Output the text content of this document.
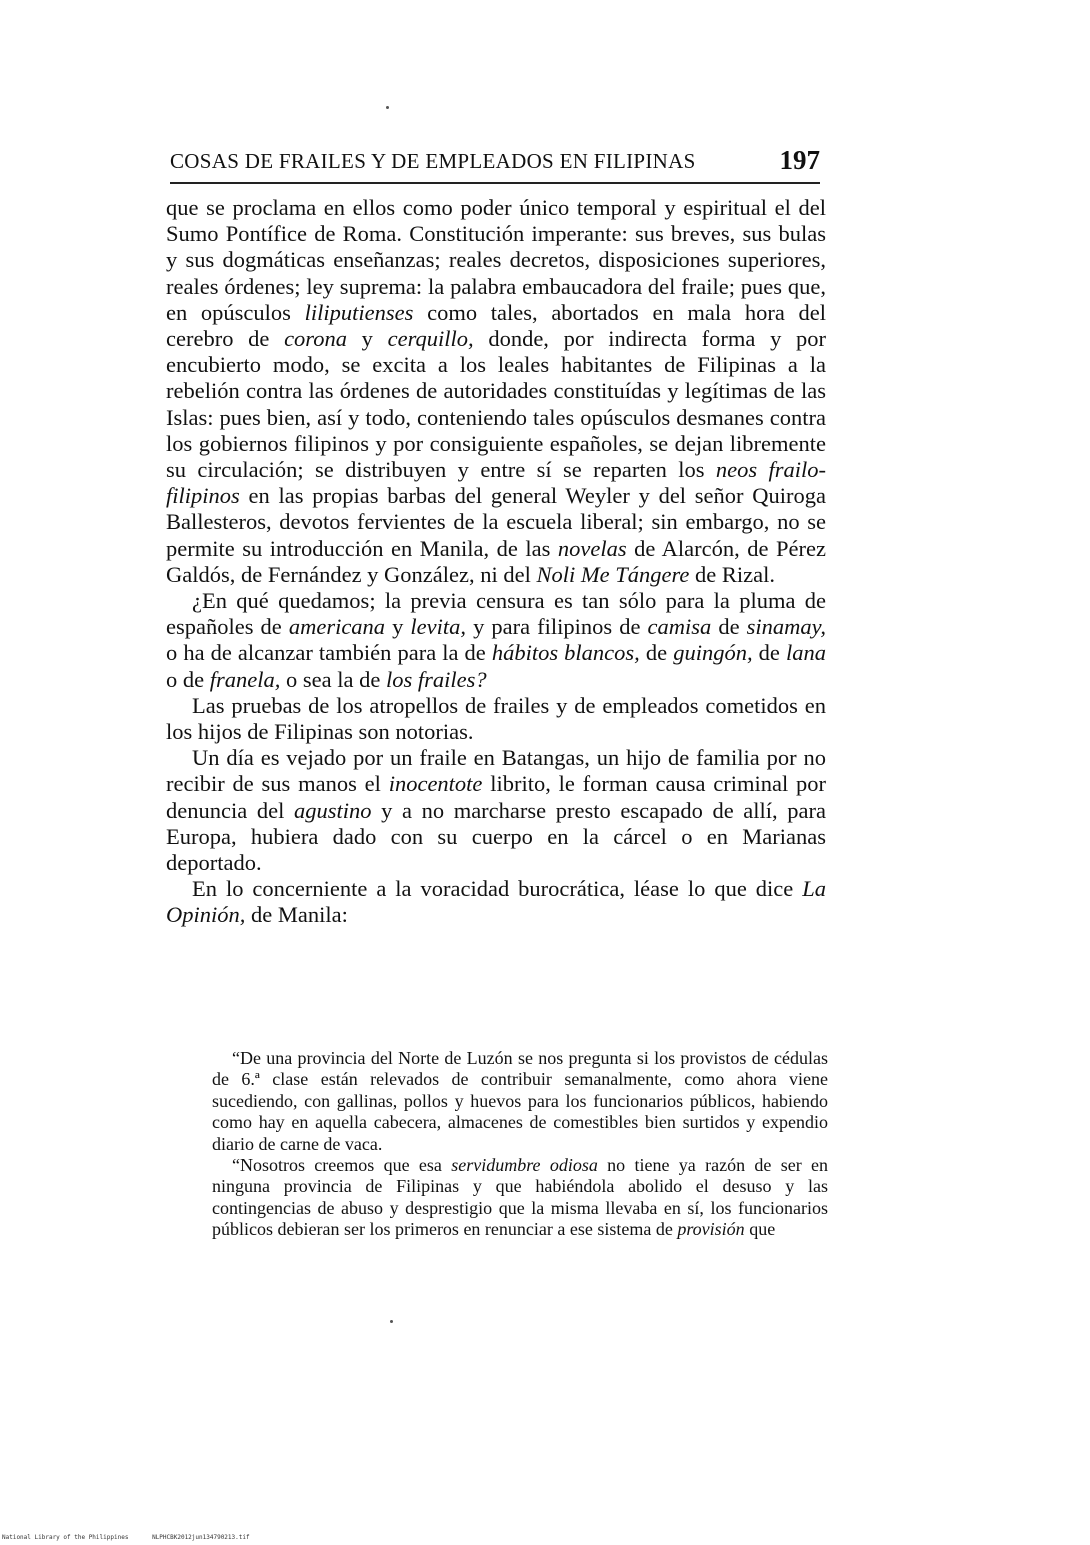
COSAS DE FRAILES Y DE EMPLEADOS EN FILIPINAS	197

que se proclama en ellos como poder único temporal y espiritual el del Sumo Pontífice de Roma. Constitución imperante: sus breves, sus bulas y sus dogmáticas enseñanzas; reales decretos, disposiciones superiores, reales órdenes; ley suprema: la palabra embaucadora del fraile; pues que, en opúsculos liliputienses como tales, abortados en mala hora del cerebro de corona y cerquillo, donde, por indirecta forma y por encubierto modo, se excita a los leales habitantes de Filipinas a la rebelión contra las órdenes de autoridades constituídas y legítimas de las Islas: pues bien, así y todo, conteniendo tales opúsculos desmanes contra los gobiernos filipinos y por consiguiente españoles, se dejan libremente su circulación; se distribuyen y entre sí se reparten los neos frailo-filipinos en las propias barbas del general Weyler y del señor Quiroga Ballesteros, devotos fervientes de la escuela liberal; sin embargo, no se permite su introducción en Manila, de las novelas de Alarcón, de Pérez Galdós, de Fernández y González, ni del Noli Me Tángere de Rizal.

¿En qué quedamos; la previa censura es tan sólo para la pluma de españoles de americana y levita, y para filipinos de camisa de sinamay, o ha de alcanzar también para la de hábitos blancos, de guingón, de lana o de franela, o sea la de los frailes?

Las pruebas de los atropellos de frailes y de empleados cometidos en los hijos de Filipinas son notorias.

Un día es vejado por un fraile en Batangas, un hijo de familia por no recibir de sus manos el inocentote librito, le forman causa criminal por denuncia del agustino y a no marcharse presto escapado de allí, para Europa, hubiera dado con su cuerpo en la cárcel o en Marianas deportado.

En lo concerniente a la voracidad burocrática, léase lo que dice La Opinión, de Manila:

“De una provincia del Norte de Luzón se nos pregunta si los provistos de cédulas de 6.ª clase están relevados de contribuir semanalmente, como ahora viene sucediendo, con gallinas, pollos y huevos para los funcionarios públicos, habiendo como hay en aquella cabecera, almacenes de comestibles bien surtidos y expendio diario de carne de vaca.

“Nosotros creemos que esa servidumbre odiosa no tiene ya razón de ser en ninguna provincia de Filipinas y que habiéndola abolido el desuso y las contingencias de abuso y desprestigio que la misma llevaba en sí, los funcionarios públicos debieran ser los primeros en renunciar a ese sistema de provisión que

National Library of the Philippines	NLPHCBK2012jun134790213.tif
